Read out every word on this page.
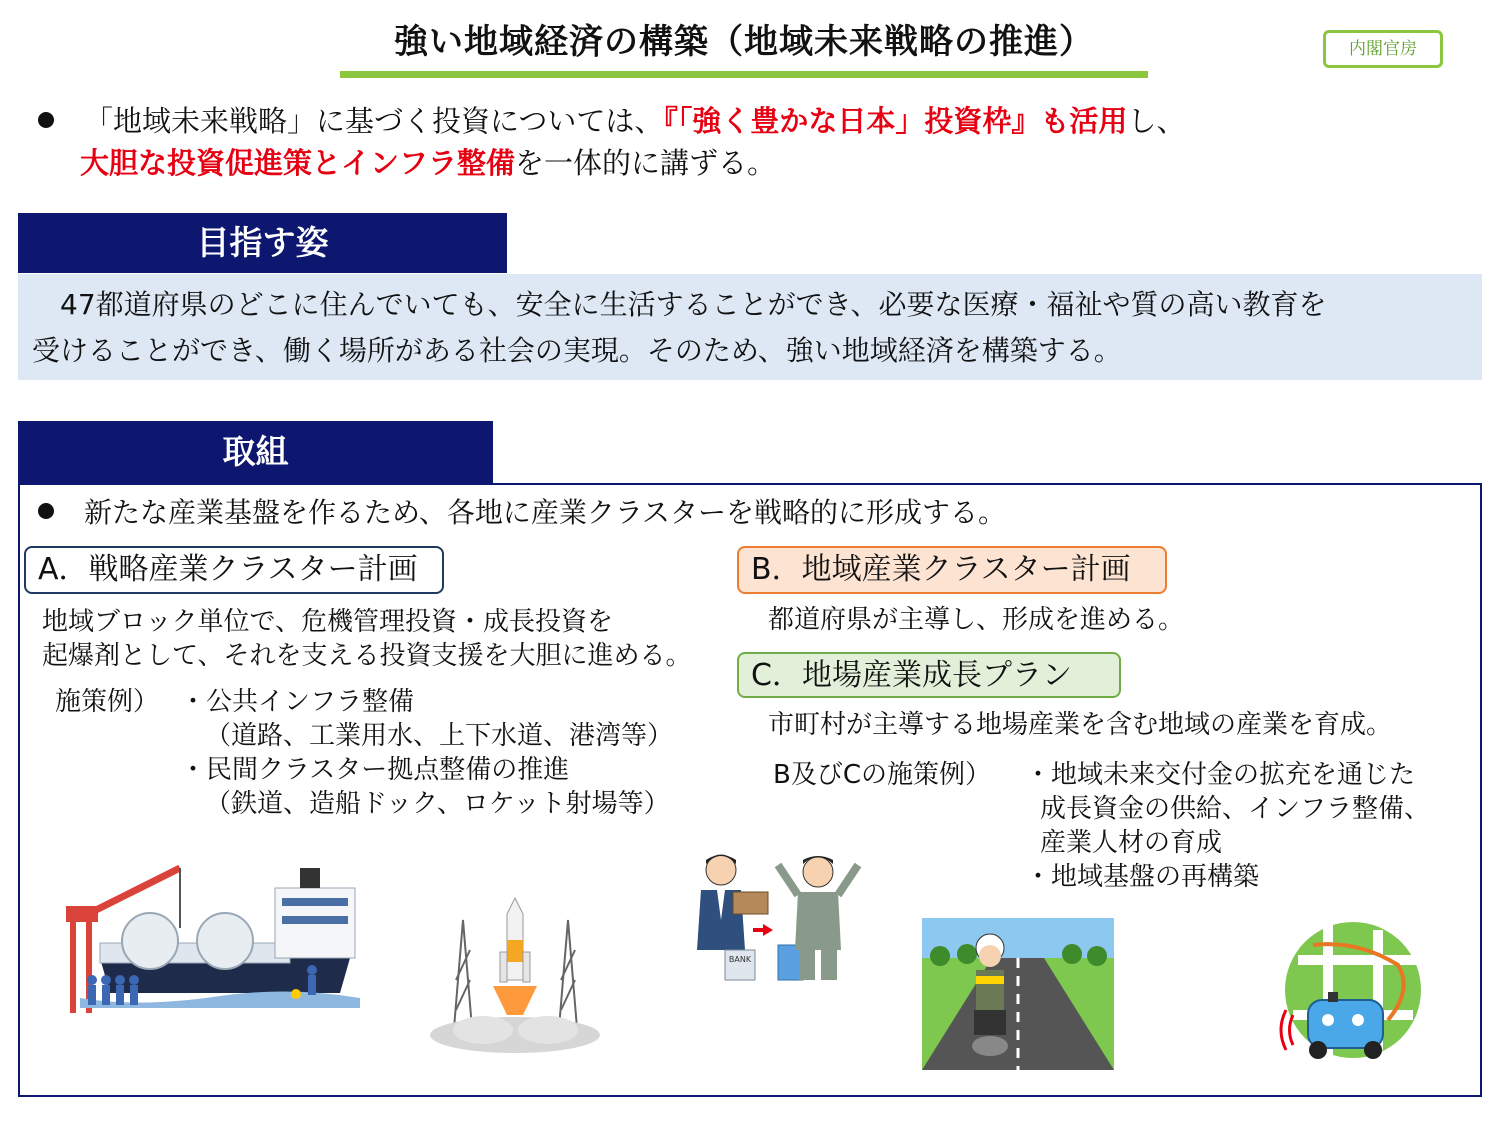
強い地域経済の構築（地域未来戦略の推進）	内閣官房
「地域未来戦略」に基づく投資については、『「強く豊かな日本」投資枠』も活用し、
大胆な投資促進策とインフラ整備を一体的に講ずる。
目指す姿
　47都道府県のどこに住んでいても、安全に生活することができ、必要な医療・福祉や質の高い教育を
受けることができ、働く場所がある社会の実現。そのため、強い地域経済を構築する。
取組
新たな産業基盤を作るため、各地に産業クラスターを戦略的に形成する。
A．戦略産業クラスター計画
地域ブロック単位で、危機管理投資・成長投資を
起爆剤として、それを支える投資支援を大胆に進める。
施策例） ・公共インフラ整備
（道路、工業用水、上下水道、港湾等）
・民間クラスター拠点整備の推進
（鉄道、造船ドック、ロケット射場等）
B．地域産業クラスター計画
都道府県が主導し、形成を進める。
C．地場産業成長プラン
市町村が主導する地場産業を含む地域の産業を育成。
B及びCの施策例） ・地域未来交付金の拡充を通じた
成長資金の供給、インフラ整備、
産業人材の育成
・地域基盤の再構築
BANK
